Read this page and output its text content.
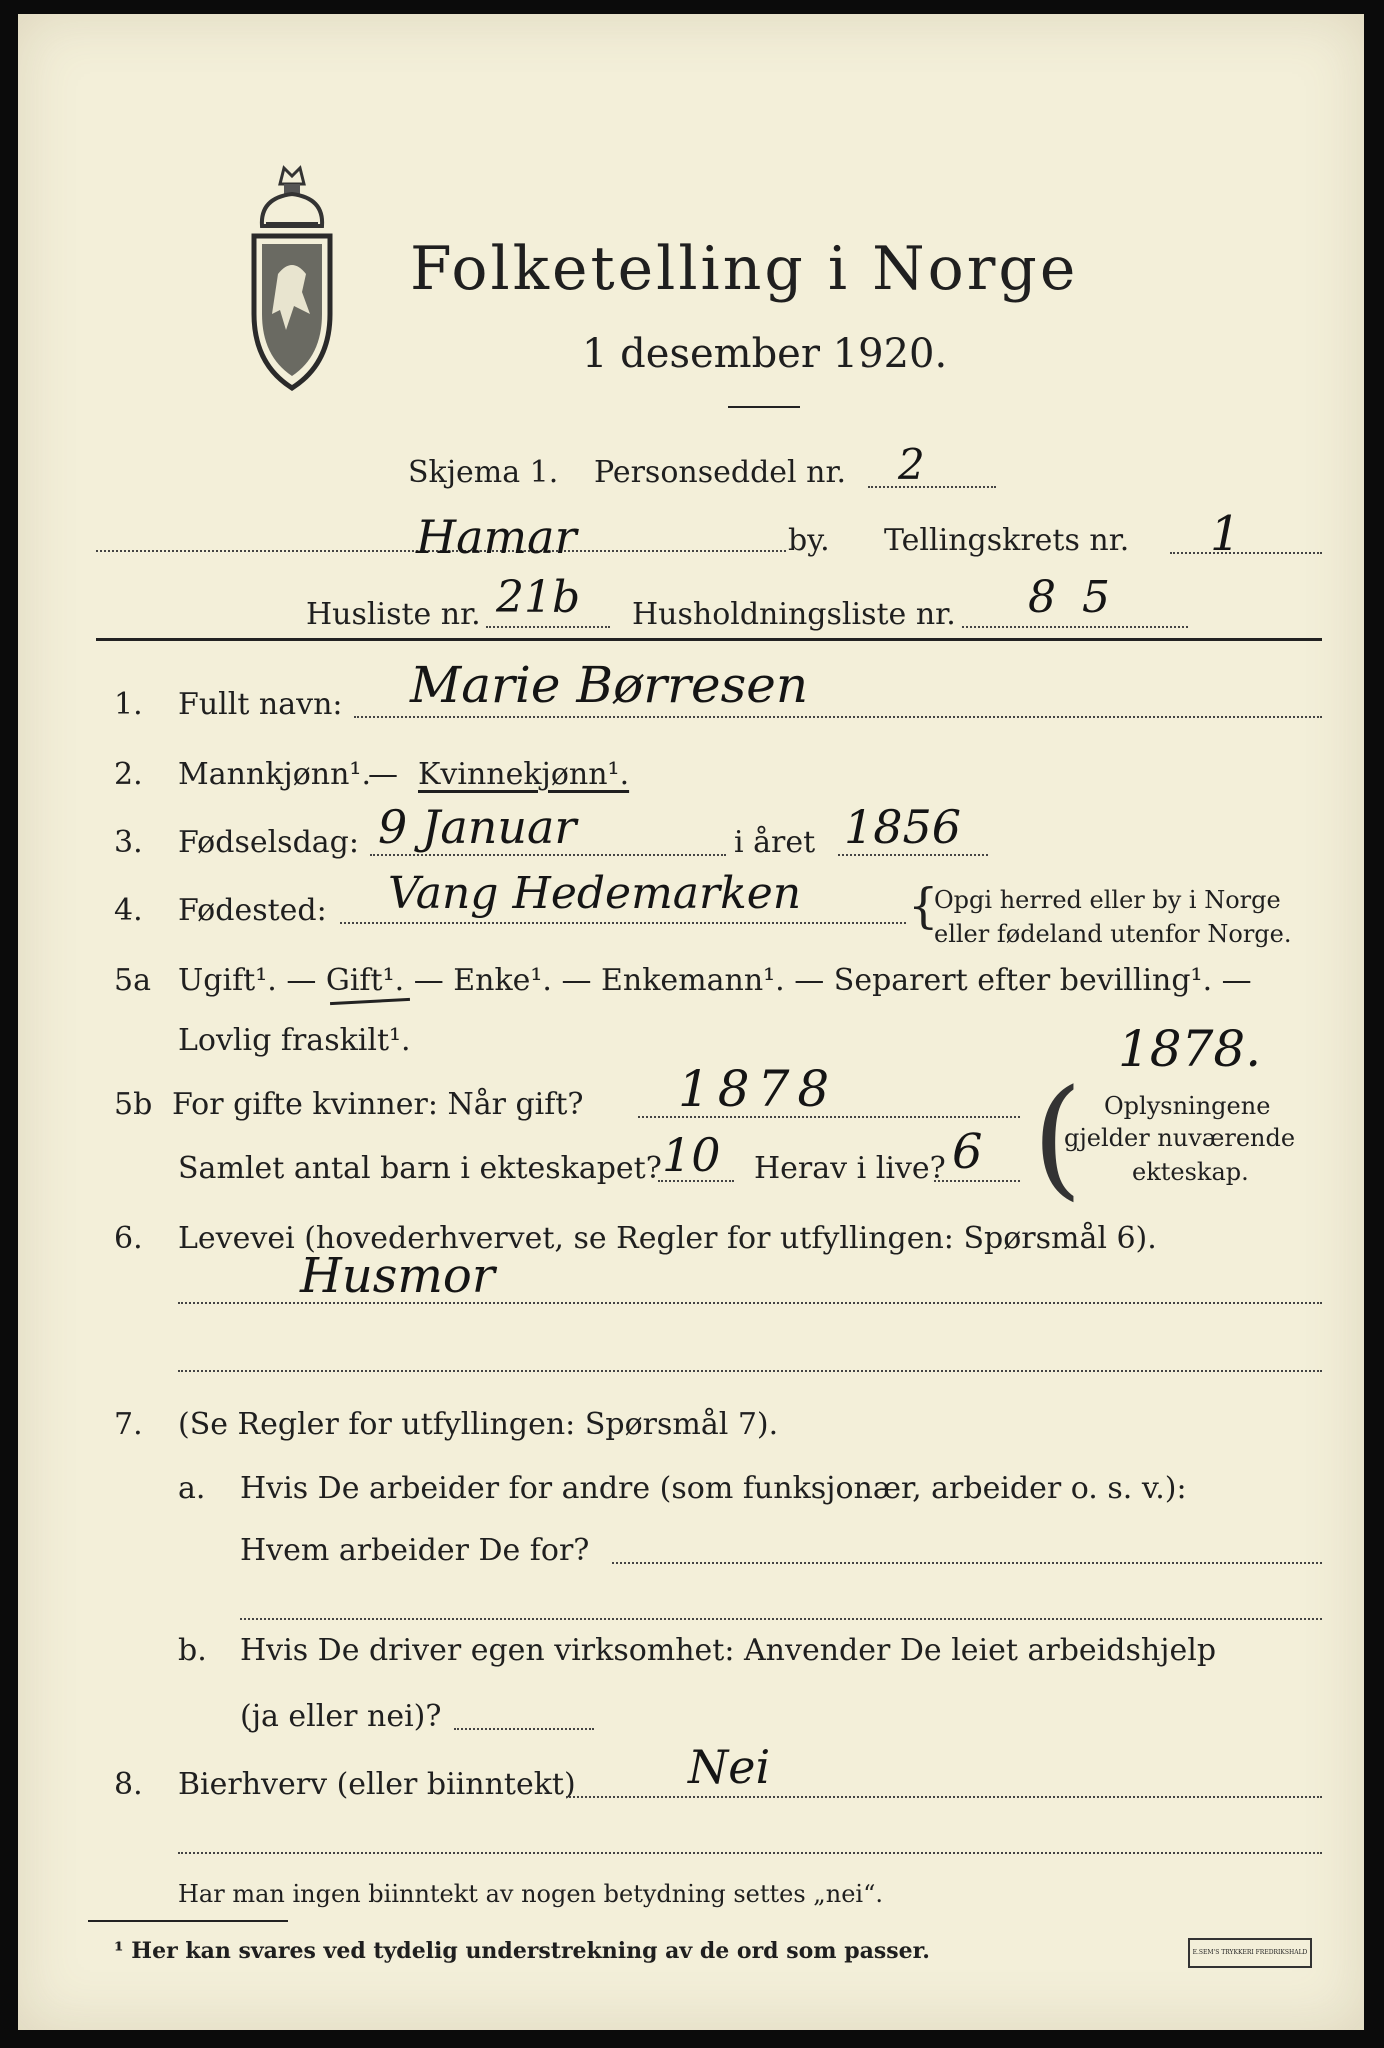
Folketelling i Norge
1 desember 1920.
Skjema 1. Personseddel nr. 2
Hamar	by. Tellingskrets nr. 1
Husliste nr. 21b Husholdningsliste nr. 8 5
1. Fullt navn: Marie Børresen
2. Mannkjønn¹.
— Kvinnekjønn¹.
3. Fødselsdag: 9 Januar	i året 1856
4. Fødested: Vang Hedemarken {
Opgi herred eller by i Norge
eller fødeland utenfor Norge.
5a Ugift¹. — Gift¹. — Enke¹. — Enkemann¹. — Separert efter bevilling¹. —
Lovlig fraskilt¹.	1878.
5b For gifte kvinner: Når gift? 1878
Samlet antal barn i ekteskapet? 10 Herav i live? 6 ( Oplysningene
gjelder nuværende
ekteskap.
6. Levevei (hovederhvervet, se Regler for utfyllingen: Spørsmål 6).
Husmor
7. (Se Regler for utfyllingen: Spørsmål 7).
a. Hvis De arbeider for andre (som funksjonær, arbeider o. s. v.):
Hvem arbeider De for?
b. Hvis De driver egen virksomhet: Anvender De leiet arbeidshjelp
(ja eller nei)?
8. Bierhverv (eller biinntekt) Nei
Har man ingen biinntekt av nogen betydning settes „nei“.
¹ Her kan svares ved tydelig understrekning av de ord som passer.	E.SEM'S TRYKKERI FREDRIKSHALD
